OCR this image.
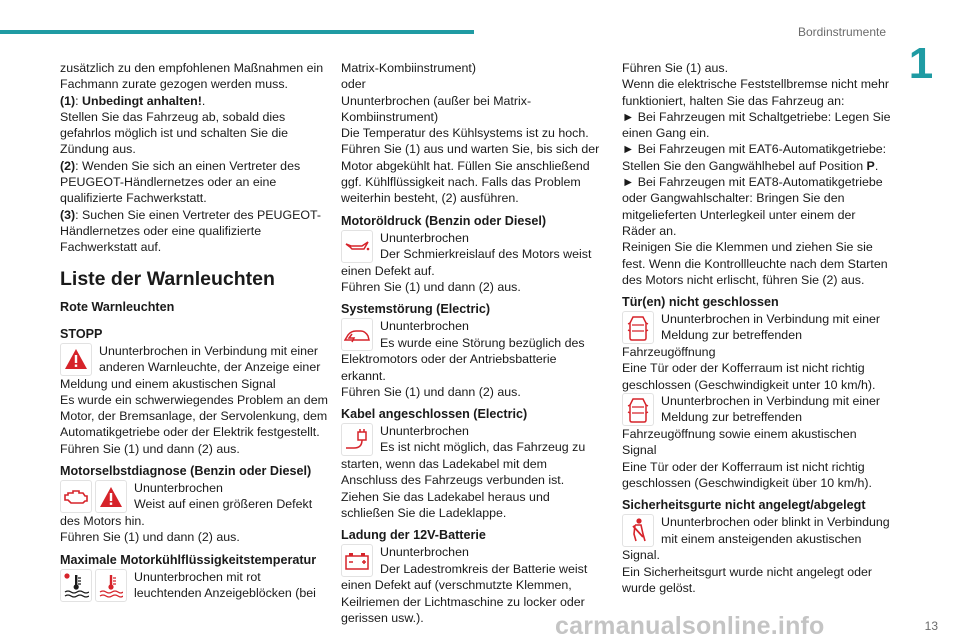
Bordinstrumente
1
zusätzlich zu den empfohlenen Maßnahmen ein Fachmann zurate gezogen werden muss.
(1): Unbedingt anhalten!.
Stellen Sie das Fahrzeug ab, sobald dies gefahrlos möglich ist und schalten Sie die Zündung aus.
(2): Wenden Sie sich an einen Vertreter des PEUGEOT-Händlernetzes oder an eine qualifizierte Fachwerkstatt.
(3): Suchen Sie einen Vertreter des PEUGEOT-Händlernetzes oder eine qualifizierte Fachwerkstatt auf.
Liste der Warnleuchten
Rote Warnleuchten
STOPP
Ununterbrochen in Verbindung mit einer anderen Warnleuchte, der Anzeige einer
Meldung und einem akustischen Signal
Es wurde ein schwerwiegendes Problem an dem Motor, der Bremsanlage, der Servolenkung, dem Automatikgetriebe oder der Elektrik festgestellt.
Führen Sie (1) und dann (2) aus.
Motorselbstdiagnose (Benzin oder Diesel)
Ununterbrochen
Weist auf einen größeren Defekt
des Motors hin.
Führen Sie (1) und dann (2) aus.
Maximale Motorkühlflüssigkeitstemperatur
Ununterbrochen mit rot leuchtenden Anzeigeblöcken (bei
Matrix-Kombiinstrument)
oder
Ununterbrochen (außer bei Matrix-Kombiinstrument)
Die Temperatur des Kühlsystems ist zu hoch.
Führen Sie (1) aus und warten Sie, bis sich der Motor abgekühlt hat. Füllen Sie anschließend ggf. Kühlflüssigkeit nach. Falls das Problem weiterhin besteht, (2) ausführen.
Motoröldruck (Benzin oder Diesel)
Ununterbrochen
Der Schmierkreislauf des Motors weist
einen Defekt auf.
Führen Sie (1) und dann (2) aus.
Systemstörung (Electric)
Ununterbrochen
Es wurde eine Störung bezüglich des
Elektromotors oder der Antriebsbatterie erkannt.
Führen Sie (1) und dann (2) aus.
Kabel angeschlossen (Electric)
Ununterbrochen
Es ist nicht möglich, das Fahrzeug zu
starten, wenn das Ladekabel mit dem Anschluss des Fahrzeugs verbunden ist.
Ziehen Sie das Ladekabel heraus und schließen Sie die Ladeklappe.
Ladung der 12V-Batterie
Ununterbrochen
Der Ladestromkreis der Batterie weist
einen Defekt auf (verschmutzte Klemmen, Keilriemen der Lichtmaschine zu locker oder gerissen usw.).
Führen Sie (1) aus.
Wenn die elektrische Feststellbremse nicht mehr funktioniert, halten Sie das Fahrzeug an:
► Bei Fahrzeugen mit Schaltgetriebe: Legen Sie einen Gang ein.
► Bei Fahrzeugen mit EAT6-Automatikgetriebe: Stellen Sie den Gangwählhebel auf Position P.
► Bei Fahrzeugen mit EAT8-Automatikgetriebe oder Gangwahlschalter: Bringen Sie den mitgelieferten Unterlegkeil unter einem der Räder an.
Reinigen Sie die Klemmen und ziehen Sie sie fest. Wenn die Kontrollleuchte nach dem Starten des Motors nicht erlischt, führen Sie (2) aus.
Tür(en) nicht geschlossen
Ununterbrochen in Verbindung mit einer Meldung zur betreffenden
Fahrzeugöffnung
Eine Tür oder der Kofferraum ist nicht richtig geschlossen (Geschwindigkeit unter 10 km/h).
Ununterbrochen in Verbindung mit einer Meldung zur betreffenden
Fahrzeugöffnung sowie einem akustischen Signal
Eine Tür oder der Kofferraum ist nicht richtig geschlossen (Geschwindigkeit über 10 km/h).
Sicherheitsgurte nicht angelegt/abgelegt
Ununterbrochen oder blinkt in Verbindung mit einem ansteigenden akustischen
Signal.
Ein Sicherheitsgurt wurde nicht angelegt oder wurde gelöst.
carmanualsonline.info	13
